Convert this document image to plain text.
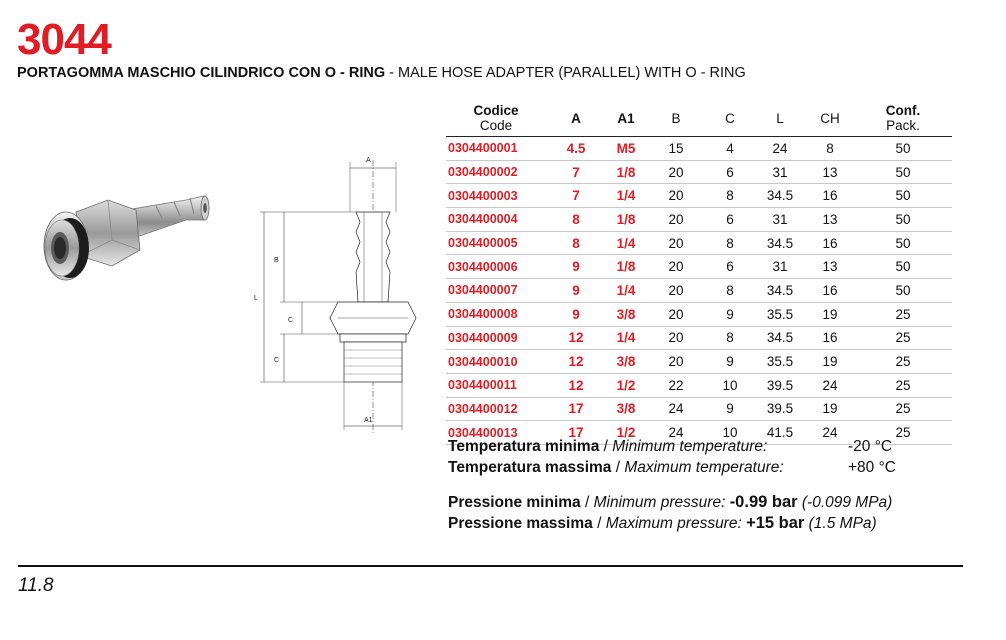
3044
PORTAGOMMA MASCHIO CILINDRICO CON O - RING - MALE HOSE ADAPTER (PARALLEL) WITH O - RING
A
L
B
C
C
A1
Codice
Code	A	A1	B	C	L	CH	Conf.
Pack.

0304400001	4.5	M5	15	4	24	8	50
0304400002	7	1/8	20	6	31	13	50
0304400003	7	1/4	20	8	34.5	16	50
0304400004	8	1/8	20	6	31	13	50
0304400005	8	1/4	20	8	34.5	16	50
0304400006	9	1/8	20	6	31	13	50
0304400007	9	1/4	20	8	34.5	16	50
0304400008	9	3/8	20	9	35.5	19	25
0304400009	12	1/4	20	8	34.5	16	25
0304400010	12	3/8	20	9	35.5	19	25
0304400011	12	1/2	22	10	39.5	24	25
0304400012	17	3/8	24	9	39.5	19	25
0304400013	17	1/2	24	10	41.5	24	25
Temperatura minima / Minimum temperature:	-20 °C
Temperatura massima / Maximum temperature:	+80 °C
Pressione minima / Minimum pressure: -0.99 bar (-0.099 MPa)
Pressione massima / Maximum pressure: +15 bar (1.5 MPa)
11.8
